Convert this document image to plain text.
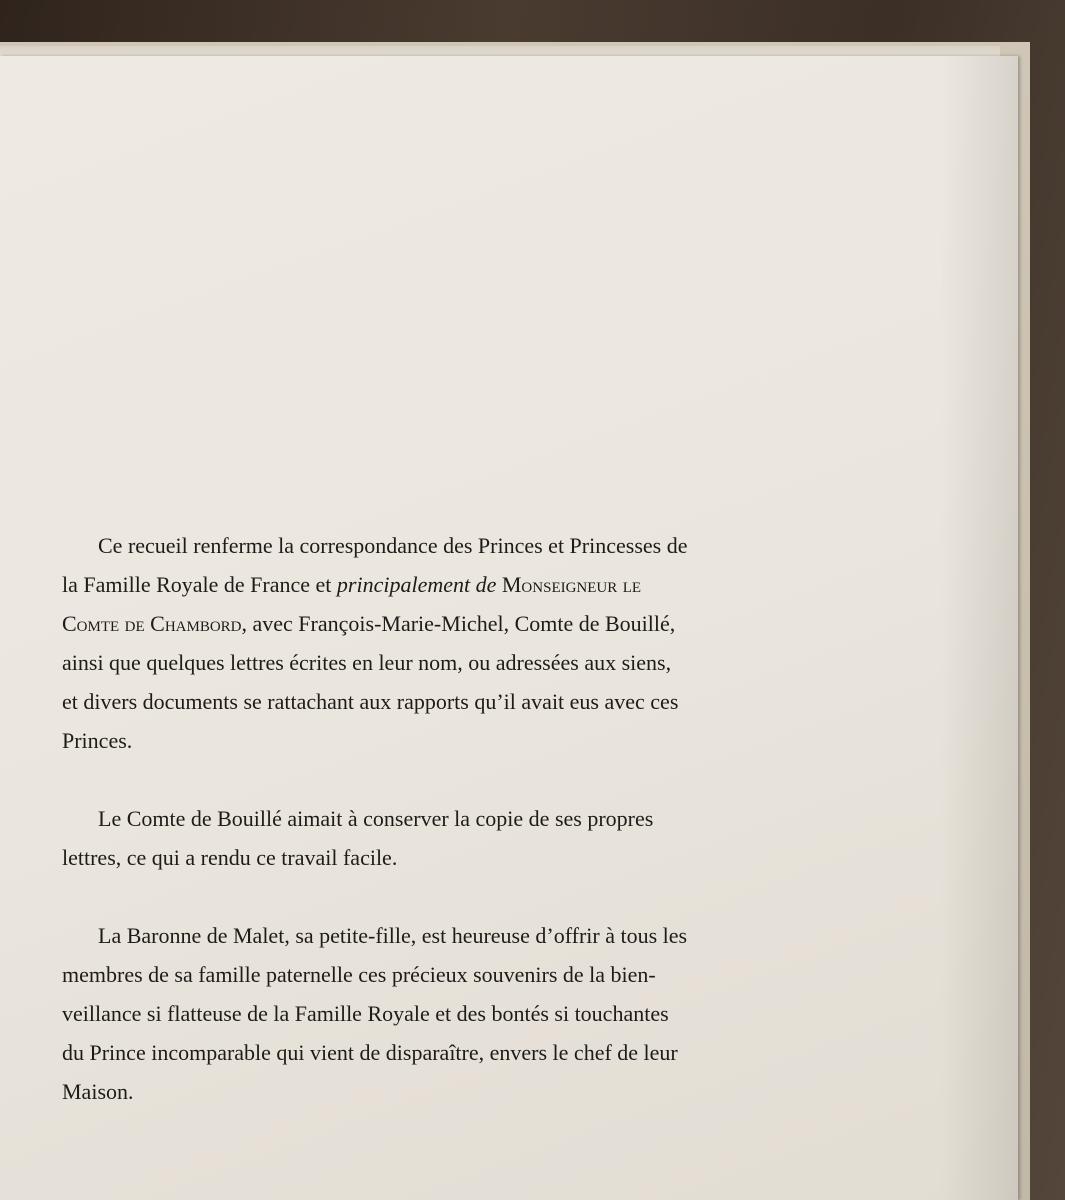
Ce recueil renferme la correspondance des Princes et Princesses de
la Famille Royale de France et principalement de Monseigneur le
Comte de Chambord, avec François-Marie-Michel, Comte de Bouillé,
ainsi que quelques lettres écrites en leur nom, ou adressées aux siens,
et divers documents se rattachant aux rapports qu’il avait eus avec ces
Princes.

Le Comte de Bouillé aimait à conserver la copie de ses propres
lettres, ce qui a rendu ce travail facile.

La Baronne de Malet, sa petite-fille, est heureuse d’offrir à tous les
membres de sa famille paternelle ces précieux souvenirs de la bien-
veillance si flatteuse de la Famille Royale et des bontés si touchantes
du Prince incomparable qui vient de disparaître, envers le chef de leur
Maison.
